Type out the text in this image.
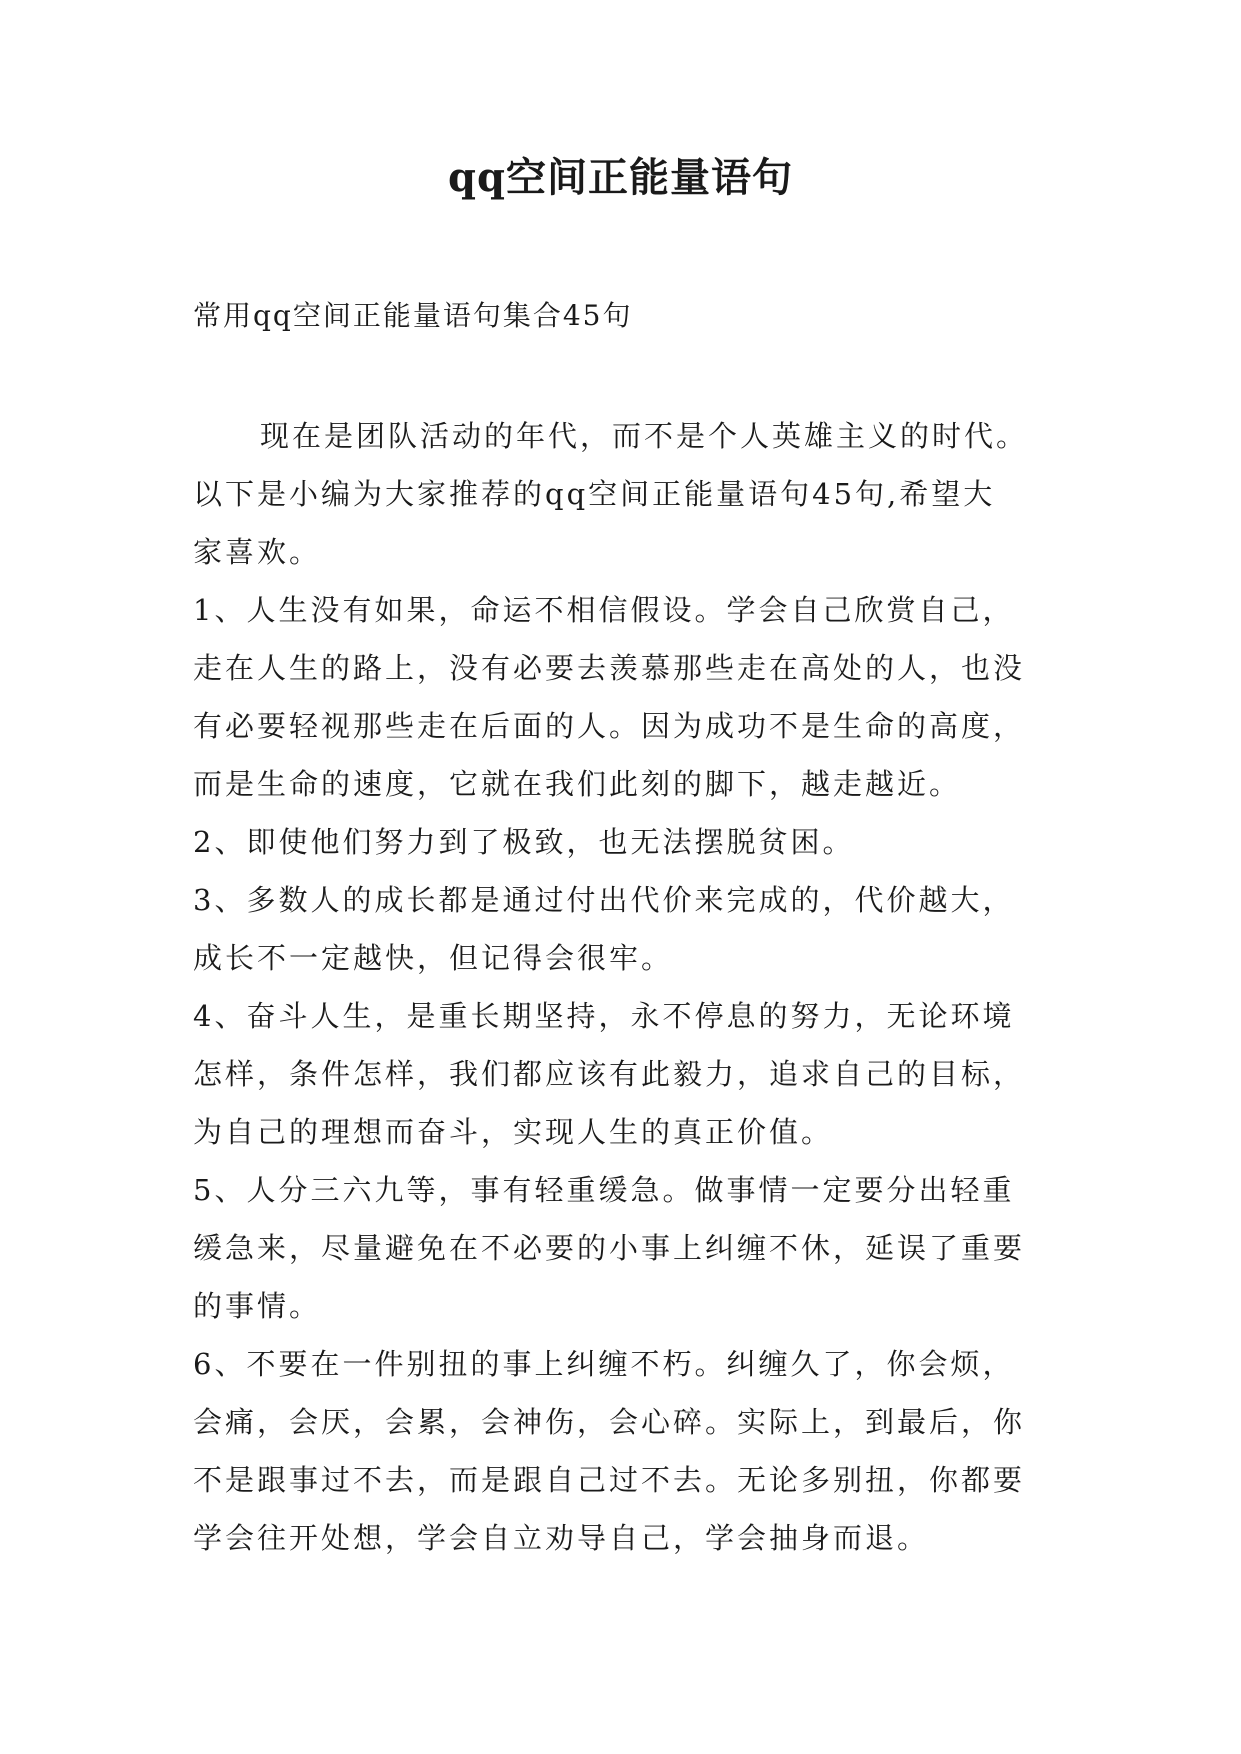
qq空间正能量语句
常用qq空间正能量语句集合45句
现在是团队活动的年代，而不是个人英雄主义的时代。
以下是小编为大家推荐的qq空间正能量语句45句,希望大
家喜欢。
1、人生没有如果，命运不相信假设。学会自己欣赏自己，
走在人生的路上，没有必要去羡慕那些走在高处的人，也没
有必要轻视那些走在后面的人。因为成功不是生命的高度，
而是生命的速度，它就在我们此刻的脚下，越走越近。
2、即使他们努力到了极致，也无法摆脱贫困。
3、多数人的成长都是通过付出代价来完成的，代价越大，
成长不一定越快，但记得会很牢。
4、奋斗人生，是重长期坚持，永不停息的努力，无论环境
怎样，条件怎样，我们都应该有此毅力，追求自己的目标，
为自己的理想而奋斗，实现人生的真正价值。
5、人分三六九等，事有轻重缓急。做事情一定要分出轻重
缓急来，尽量避免在不必要的小事上纠缠不休，延误了重要
的事情。
6、不要在一件别扭的事上纠缠不朽。纠缠久了，你会烦，
会痛，会厌，会累，会神伤，会心碎。实际上，到最后，你
不是跟事过不去，而是跟自己过不去。无论多别扭，你都要
学会往开处想，学会自立劝导自己，学会抽身而退。
